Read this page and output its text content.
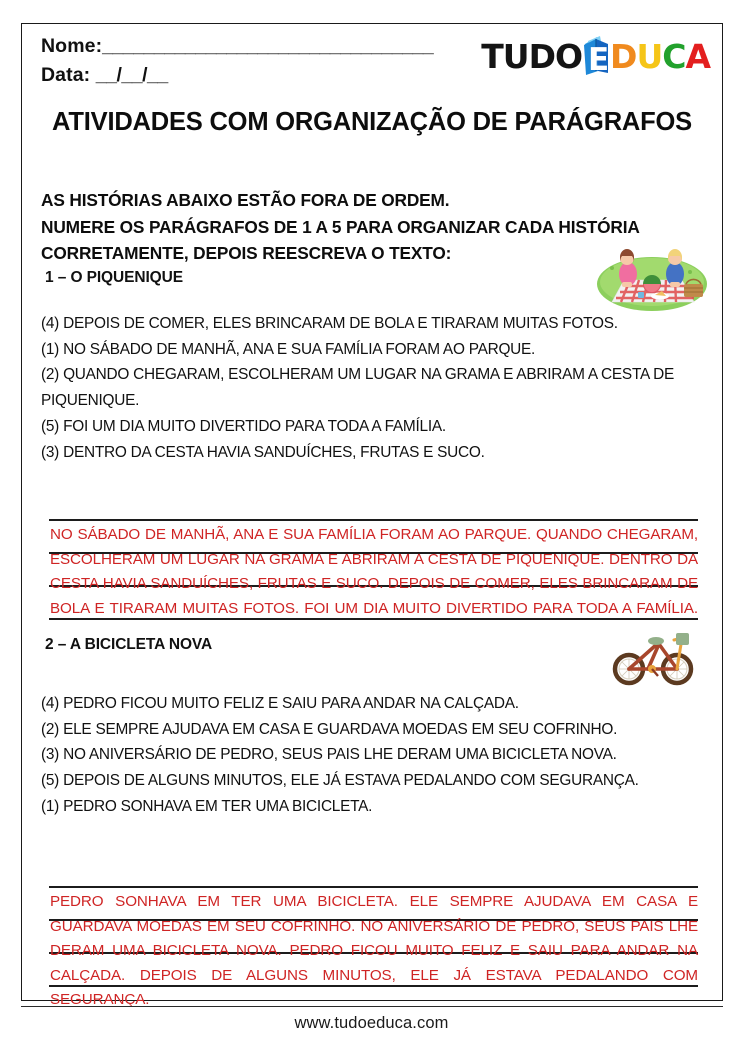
Nome:________________________________
Data: __/__/__	TUDO E D U C A
ATIVIDADES COM ORGANIZAÇÃO DE PARÁGRAFOS
AS HISTÓRIAS ABAIXO ESTÃO FORA DE ORDEM.
NUMERE OS PARÁGRAFOS DE 1 A 5 PARA ORGANIZAR CADA HISTÓRIA
CORRETAMENTE, DEPOIS REESCREVA O TEXTO:
1 – O PIQUENIQUE
(4) DEPOIS DE COMER, ELES BRINCARAM DE BOLA E TIRARAM MUITAS FOTOS.
(1) NO SÁBADO DE MANHÃ, ANA E SUA FAMÍLIA FORAM AO PARQUE.
(2) QUANDO CHEGARAM, ESCOLHERAM UM LUGAR NA GRAMA E ABRIRAM A CESTA DE PIQUENIQUE.
(5) FOI UM DIA MUITO DIVERTIDO PARA TODA A FAMÍLIA.
(3) DENTRO DA CESTA HAVIA SANDUÍCHES, FRUTAS E SUCO.
NO SÁBADO DE MANHÃ, ANA E SUA FAMÍLIA FORAM AO PARQUE. QUANDO CHEGARAM, ESCOLHERAM UM LUGAR NA GRAMA E ABRIRAM A CESTA DE PIQUENIQUE. DENTRO DA CESTA HAVIA SANDUÍCHES, FRUTAS E SUCO. DEPOIS DE COMER, ELES BRINCARAM DE BOLA E TIRARAM MUITAS FOTOS. FOI UM DIA MUITO DIVERTIDO PARA TODA A FAMÍLIA.
2 – A BICICLETA NOVA
(4) PEDRO FICOU MUITO FELIZ E SAIU PARA ANDAR NA CALÇADA.
(2) ELE SEMPRE AJUDAVA EM CASA E GUARDAVA MOEDAS EM SEU COFRINHO.
(3) NO ANIVERSÁRIO DE PEDRO, SEUS PAIS LHE DERAM UMA BICICLETA NOVA.
(5) DEPOIS DE ALGUNS MINUTOS, ELE JÁ ESTAVA PEDALANDO COM SEGURANÇA.
(1) PEDRO SONHAVA EM TER UMA BICICLETA.
PEDRO SONHAVA EM TER UMA BICICLETA. ELE SEMPRE AJUDAVA EM CASA E GUARDAVA MOEDAS EM SEU COFRINHO. NO ANIVERSÁRIO DE PEDRO, SEUS PAIS LHE DERAM UMA BICICLETA NOVA. PEDRO FICOU MUITO FELIZ E SAIU PARA ANDAR NA CALÇADA. DEPOIS DE ALGUNS MINUTOS, ELE JÁ ESTAVA PEDALANDO COM SEGURANÇA.
www.tudoeduca.com
